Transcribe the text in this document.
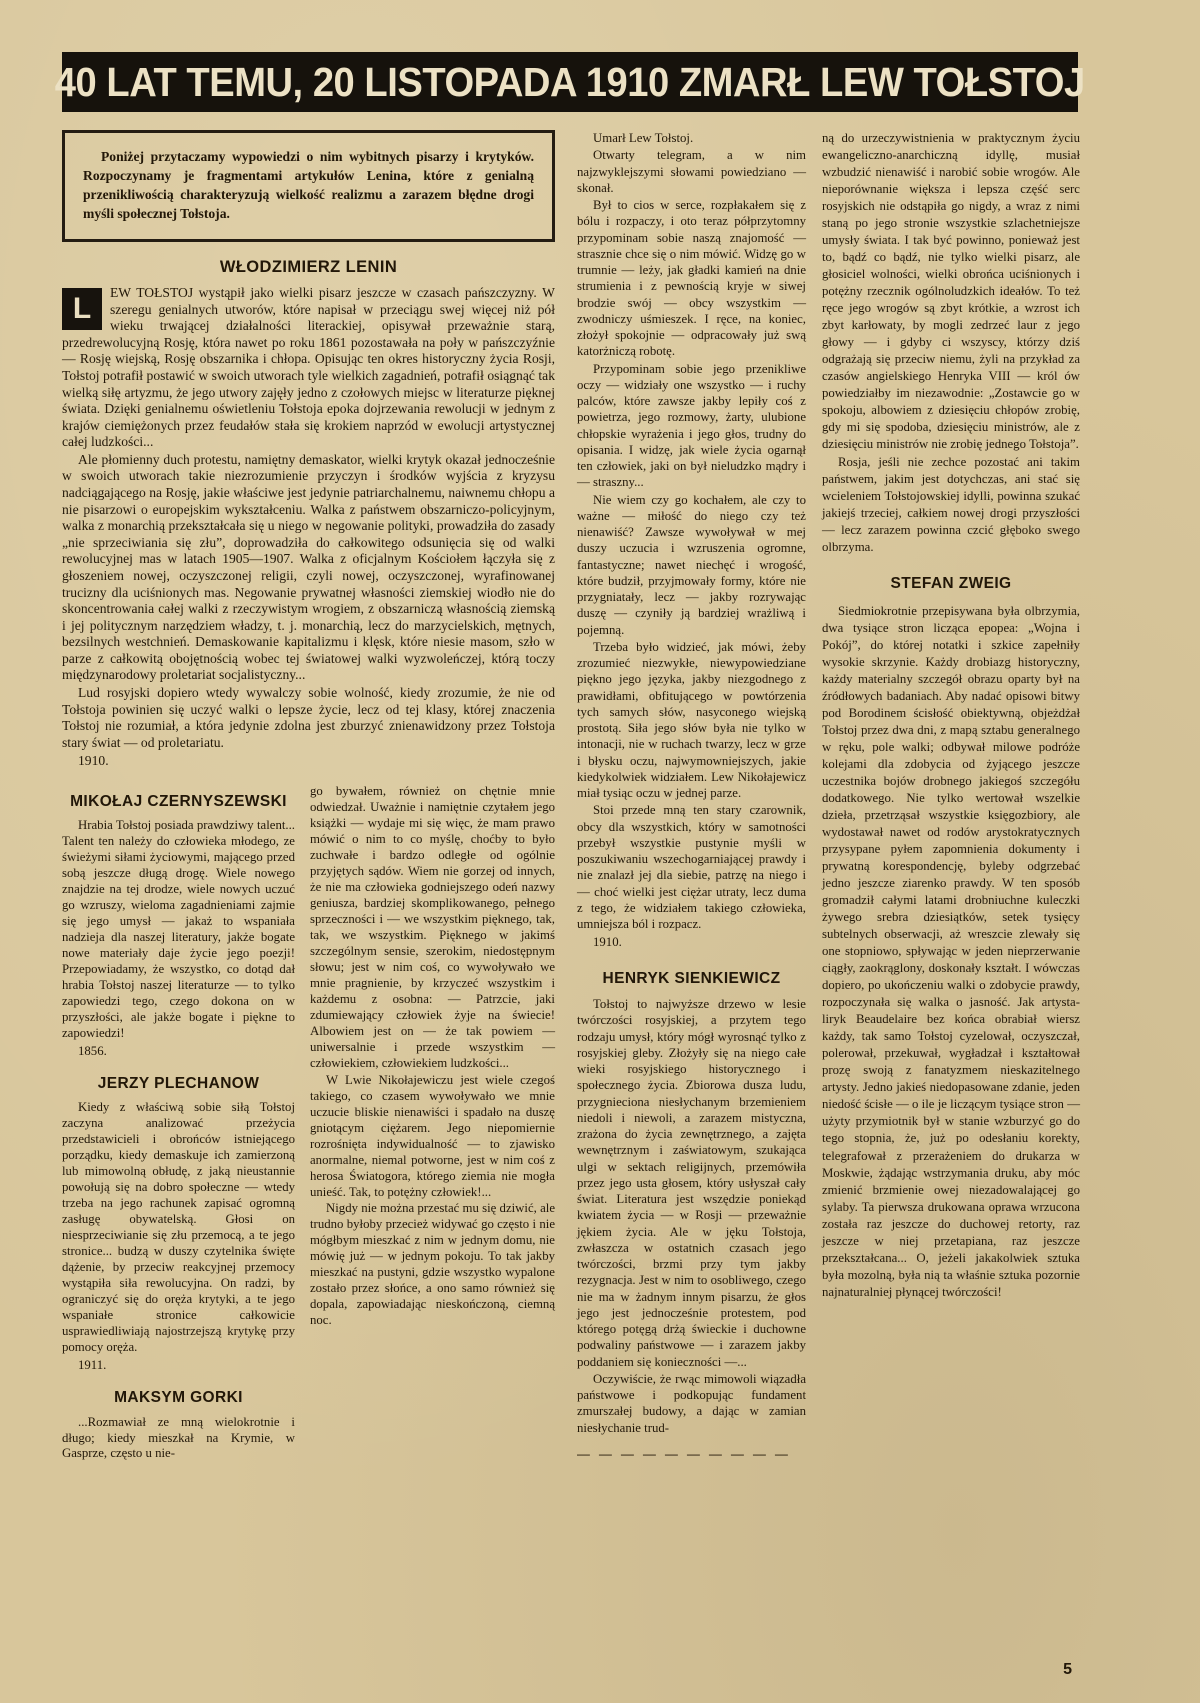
40 LAT TEMU, 20 LISTOPADA 1910 ZMARŁ LEW TOŁSTOJ

Poniżej przytaczamy wypowiedzi o nim wybitnych pisarzy i krytyków. Rozpoczynamy je fragmentami artykułów Lenina, które z genialną przenikliwością charakteryzują wielkość realizmu a zarazem błędne drogi myśli społecznej Tołstoja.

WŁODZIMIERZ LENIN

L	EW TOŁSTOJ wystąpił jako wielki pisarz jeszcze w czasach pańszczyzny. W szeregu genialnych utworów, które napisał w przeciągu swej więcej niż pół wieku trwającej działalności literackiej, opisywał przeważnie starą, przedrewolucyjną Rosję, która nawet po roku 1861 pozostawała na poły w pańszczyźnie — Rosję wiejską, Rosję obszarnika i chłopa. Opisując ten okres historyczny życia Rosji, Tołstoj potrafił postawić w swoich utworach tyle wielkich zagadnień, potrafił osiągnąć tak wielką siłę artyzmu, że jego utwory zajęły jedno z czołowych miejsc w literaturze pięknej świata. Dzięki genialnemu oświetleniu Tołstoja epoka dojrzewania rewolucji w jednym z krajów ciemiężonych przez feudałów stała się krokiem naprzód w ewolucji artystycznej całej ludzkości...

Ale płomienny duch protestu, namiętny demaskator, wielki krytyk okazał jednocześnie w swoich utworach takie niezrozumienie przyczyn i środków wyjścia z kryzysu nadciągającego na Rosję, jakie właściwe jest jedynie patriarchalnemu, naiwnemu chłopu a nie pisarzowi o europejskim wykształceniu. Walka z państwem obszarniczo-policyjnym, walka z monarchią przekształcała się u niego w negowanie polityki, prowadziła do zasady „nie sprzeciwiania się złu”, doprowadziła do całkowitego odsunięcia się od walki rewolucyjnej mas w latach 1905—1907. Walka z oficjalnym Kościołem łączyła się z głoszeniem nowej, oczyszczonej religii, czyli nowej, oczyszczonej, wyrafinowanej trucizny dla uciśnionych mas. Negowanie prywatnej własności ziemskiej wiodło nie do skoncentrowania całej walki z rzeczywistym wrogiem, z obszarniczą własnością ziemską i jej politycznym narzędziem władzy, t. j. monarchią, lecz do marzycielskich, mętnych, bezsilnych westchnień. Demaskowanie kapitalizmu i klęsk, które niesie masom, szło w parze z całkowitą obojętnością wobec tej światowej walki wyzwoleńczej, którą toczy międzynarodowy proletariat socjalistyczny...

Lud rosyjski dopiero wtedy wywalczy sobie wolność, kiedy zrozumie, że nie od Tołstoja powinien się uczyć walki o lepsze życie, lecz od tej klasy, której znaczenia Tołstoj nie rozumiał, a która jedynie zdolna jest zburzyć znienawidzony przez Tołstoja stary świat — od proletariatu.

1910.

MIKOŁAJ CZERNYSZEWSKI

Hrabia Tołstoj posiada prawdziwy talent... Talent ten należy do człowieka młodego, ze świeżymi siłami życiowymi, mającego przed sobą jeszcze długą drogę. Wiele nowego znajdzie na tej drodze, wiele nowych uczuć go wzruszy, wieloma zagadnieniami zajmie się jego umysł — jakaż to wspaniała nadzieja dla naszej literatury, jakże bogate nowe materiały daje życie jego poezji! Przepowiadamy, że wszystko, co dotąd dał hrabia Tołstoj naszej literaturze — to tylko zapowiedzi tego, czego dokona on w przyszłości, ale jakże bogate i piękne to zapowiedzi!

1856.

JERZY PLECHANOW

Kiedy z właściwą sobie siłą Tołstoj zaczyna analizować przeżycia przedstawicieli i obrońców istniejącego porządku, kiedy demaskuje ich zamierzoną lub mimowolną obłudę, z jaką nieustannie powołują się na dobro społeczne — wtedy trzeba na jego rachunek zapisać ogromną zasługę obywatelską. Głosi on niesprzeciwianie się złu przemocą, a te jego stronice... budzą w duszy czytelnika święte dążenie, by przeciw reakcyjnej przemocy wystąpiła siła rewolucyjna. On radzi, by ograniczyć się do oręża krytyki, a te jego wspaniałe stronice całkowicie usprawiedliwiają najostrzejszą krytykę przy pomocy oręża.

1911.

MAKSYM GORKI

...Rozmawiał ze mną wielokrotnie i długo; kiedy mieszkał na Krymie, w Gasprze, często u nie-

go bywałem, również on chętnie mnie odwiedzał. Uważnie i namiętnie czytałem jego książki — wydaje mi się więc, że mam prawo mówić o nim to co myślę, choćby to było zuchwałe i bardzo odległe od ogólnie przyjętych sądów. Wiem nie gorzej od innych, że nie ma człowieka godniejszego odeń nazwy geniusza, bardziej skomplikowanego, pełnego sprzeczności i — we wszystkim pięknego, tak, tak, we wszystkim. Pięknego w jakimś szczególnym sensie, szerokim, niedostępnym słowu; jest w nim coś, co wywoływało we mnie pragnienie, by krzyczeć wszystkim i każdemu z osobna: — Patrzcie, jaki zdumiewający człowiek żyje na świecie! Albowiem jest on — że tak powiem — uniwersalnie i przede wszystkim — człowiekiem, człowiekiem ludzkości...

W Lwie Nikołajewiczu jest wiele czegoś takiego, co czasem wywoływało we mnie uczucie bliskie nienawiści i spadało na duszę gniotącym ciężarem. Jego niepomiernie rozrośnięta indywidualność — to zjawisko anormalne, niemal potworne, jest w nim coś z herosa Światogora, którego ziemia nie mogła unieść. Tak, to potężny człowiek!...

Nigdy nie można przestać mu się dziwić, ale trudno byłoby przecież widywać go często i nie mógłbym mieszkać z nim w jednym domu, nie mówię już — w jednym pokoju. To tak jakby mieszkać na pustyni, gdzie wszystko wypalone zostało przez słońce, a ono samo również się dopala, zapowiadając nieskończoną, ciemną noc.

Umarł Lew Tołstoj.

Otwarty telegram, a w nim najzwyklejszymi słowami powiedziano — skonał.

Był to cios w serce, rozpłakałem się z bólu i rozpaczy, i oto teraz półprzytomny przypominam sobie naszą znajomość — strasznie chce się o nim mówić. Widzę go w trumnie — leży, jak gładki kamień na dnie strumienia i z pewnością kryje w siwej brodzie swój — obcy wszystkim — zwodniczy uśmieszek. I ręce, na koniec, złożył spokojnie — odpracowały już swą katorżniczą robotę.

Przypominam sobie jego przenikliwe oczy — widziały one wszystko — i ruchy palców, które zawsze jakby lepiły coś z powietrza, jego rozmowy, żarty, ulubione chłopskie wyrażenia i jego głos, trudny do opisania. I widzę, jak wiele życia ogarnął ten człowiek, jaki on był nieludzko mądry i — straszny...

Nie wiem czy go kochałem, ale czy to ważne — miłość do niego czy też nienawiść? Zawsze wywoływał w mej duszy uczucia i wzruszenia ogromne, fantastyczne; nawet niechęć i wrogość, które budził, przyjmowały formy, które nie przygniatały, lecz — jakby rozrywając duszę — czyniły ją bardziej wrażliwą i pojemną.

Trzeba było widzieć, jak mówi, żeby zrozumieć niezwykłe, niewypowiedziane piękno jego języka, jakby niezgodnego z prawidłami, obfitującego w powtórzenia tych samych słów, nasyconego wiejską prostotą. Siła jego słów była nie tylko w intonacji, nie w ruchach twarzy, lecz w grze i błysku oczu, najwymowniejszych, jakie kiedykolwiek widziałem. Lew Nikołajewicz miał tysiąc oczu w jednej parze.

Stoi przede mną ten stary czarownik, obcy dla wszystkich, który w samotności przebył wszystkie pustynie myśli w poszukiwaniu wszechogarniającej prawdy i nie znalazł jej dla siebie, patrzę na niego i — choć wielki jest ciężar utraty, lecz duma z tego, że widziałem takiego człowieka, umniejsza ból i rozpacz.

1910.

HENRYK SIENKIEWICZ

Tołstoj to najwyższe drzewo w lesie twórczości rosyjskiej, a przytem tego rodzaju umysł, który mógł wyrosnąć tylko z rosyjskiej gleby. Złożyły się na niego całe wieki rosyjskiego historycznego i społecznego życia. Zbiorowa dusza ludu, przygnieciona niesłychanym brzemieniem niedoli i niewoli, a zarazem mistyczna, zrażona do życia zewnętrznego, a zajęta wewnętrznym i zaświatowym, szukająca ulgi w sektach religijnych, przemówiła przez jego usta głosem, który usłyszał cały świat. Literatura jest wszędzie poniekąd kwiatem życia — w Rosji — przeważnie jękiem życia. Ale w jęku Tołstoja, zwłaszcza w ostatnich czasach jego twórczości, brzmi przy tym jakby rezygnacja. Jest w nim to osobliwego, czego nie ma w żadnym innym pisarzu, że głos jego jest jednocześnie protestem, pod którego potęgą drżą świeckie i duchowne podwaliny państwowe — i zarazem jakby poddaniem się konieczności —...

Oczywiście, że rwąc mimowoli wiązadła państwowe i podkopując fundament zmurszałej budowy, a dając w zamian niesłychanie trud-

— — — — — — — — — —

ną do urzeczywistnienia w praktycznym życiu ewangeliczno-anarchiczną idyllę, musiał wzbudzić nienawiść i narobić sobie wrogów. Ale nieporównanie większa i lepsza część serc rosyjskich nie odstąpiła go nigdy, a wraz z nimi staną po jego stronie wszystkie szlachetniejsze umysły świata. I tak być powinno, ponieważ jest to, bądź co bądź, nie tylko wielki pisarz, ale głosiciel wolności, wielki obrońca uciśnionych i potężny rzecznik ogólnoludzkich ideałów. To też ręce jego wrogów są zbyt krótkie, a wzrost ich zbyt karłowaty, by mogli zedrzeć laur z jego głowy — i gdyby ci wszyscy, którzy dziś odgrażają się przeciw niemu, żyli na przykład za czasów angielskiego Henryka VIII — król ów powiedziałby im niezawodnie: „Zostawcie go w spokoju, albowiem z dziesięciu chłopów zrobię, gdy mi się spodoba, dziesięciu ministrów, ale z dziesięciu ministrów nie zrobię jednego Tołstoja”.

Rosja, jeśli nie zechce pozostać ani takim państwem, jakim jest dotychczas, ani stać się wcieleniem Tołstojowskiej idylli, powinna szukać jakiejś trzeciej, całkiem nowej drogi przyszłości — lecz zarazem powinna czcić głęboko swego olbrzyma.

STEFAN ZWEIG

Siedmiokrotnie przepisywana była olbrzymia, dwa tysiące stron licząca epopea: „Wojna i Pokój”, do której notatki i szkice zapełniły wysokie skrzynie. Każdy drobiazg historyczny, każdy materialny szczegół obrazu oparty był na źródłowych badaniach. Aby nadać opisowi bitwy pod Borodinem ścisłość obiektywną, objeżdżał Tołstoj przez dwa dni, z mapą sztabu generalnego w ręku, pole walki; odbywał milowe podróże kolejami dla zdobycia od żyjącego jeszcze uczestnika bojów drobnego jakiegoś szczegółu dodatkowego. Nie tylko wertował wszelkie dzieła, przetrząsał wszystkie księgozbiory, ale wydostawał nawet od rodów arystokratycznych przysypane pyłem zapomnienia dokumenty i prywatną korespondencję, byleby odgrzebać jedno jeszcze ziarenko prawdy. W ten sposób gromadził całymi latami drobniuchne kuleczki żywego srebra dziesiątków, setek tysięcy subtelnych obserwacji, aż wreszcie zlewały się one stopniowo, spływając w jeden nieprzerwanie ciągły, zaokrąglony, doskonały kształt. I wówczas dopiero, po ukończeniu walki o zdobycie prawdy, rozpoczynała się walka o jasność. Jak artysta-liryk Beaudelaire bez końca obrabiał wiersz każdy, tak samo Tołstoj cyzelował, oczyszczał, polerował, przekuwał, wygładzał i kształtował prozę swoją z fanatyzmem nieskazitelnego artysty. Jedno jakieś niedopasowane zdanie, jeden niedość ścisłe — o ile je liczącym tysiące stron — użyty przymiotnik był w stanie wzburzyć go do tego stopnia, że, już po odesłaniu korekty, telegrafował z przerażeniem do drukarza w Moskwie, żądając wstrzymania druku, aby móc zmienić brzmienie owej niezadowalającej go sylaby. Ta pierwsza drukowana oprawa wrzucona została raz jeszcze do duchowej retorty, raz jeszcze w niej przetapiana, raz jeszcze przekształcana... O, jeżeli jakakolwiek sztuka była mozolną, była nią ta właśnie sztuka pozornie najnaturalniej płynącej twórczości!

5
